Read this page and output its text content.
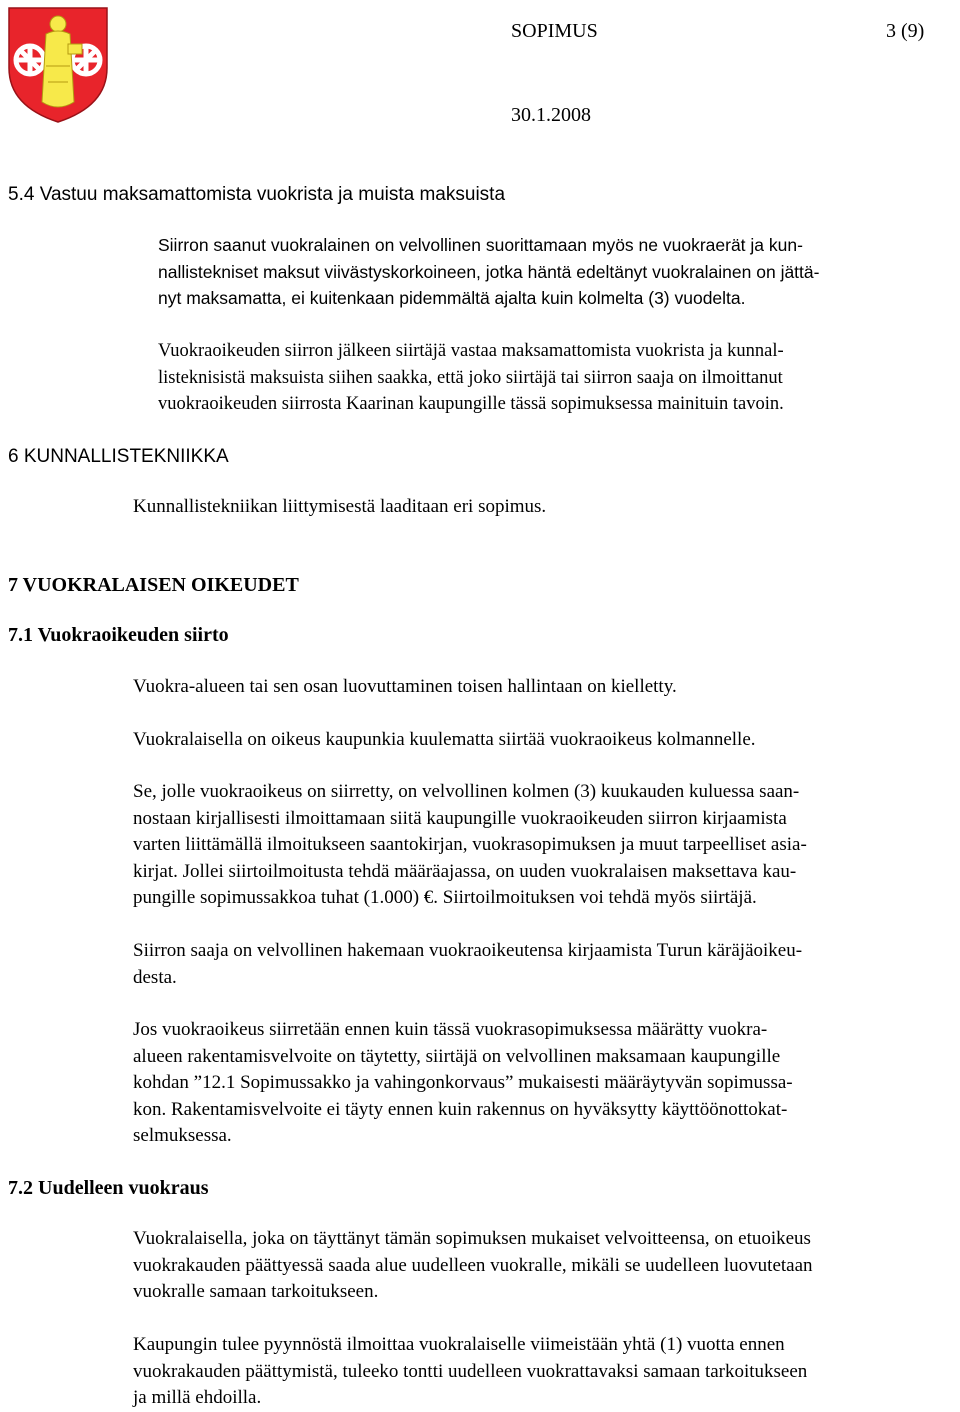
SOPIMUS	3 (9)
30.1.2008
5.4 Vastuu maksamattomista vuokrista ja muista maksuista
Siirron saanut vuokralainen on velvollinen suorittamaan myös ne vuokraerät ja kun-
nallistekniset maksut viivästyskorkoineen, jotka häntä edeltänyt vuokralainen on jättä-
nyt maksamatta, ei kuitenkaan pidemmältä ajalta kuin kolmelta (3) vuodelta.
Vuokraoikeuden siirron jälkeen siirtäjä vastaa maksamattomista vuokrista ja kunnal-
listeknisistä maksuista siihen saakka, että joko siirtäjä tai siirron saaja on ilmoittanut
vuokraoikeuden siirrosta Kaarinan kaupungille tässä sopimuksessa mainituin tavoin.
6 KUNNALLISTEKNIIKKA
Kunnallistekniikan liittymisestä laaditaan eri sopimus.
7 VUOKRALAISEN OIKEUDET
7.1 Vuokraoikeuden siirto
Vuokra-alueen tai sen osan luovuttaminen toisen hallintaan on kielletty.
Vuokralaisella on oikeus kaupunkia kuulematta siirtää vuokraoikeus kolmannelle.
Se, jolle vuokraoikeus on siirretty, on velvollinen kolmen (3) kuukauden kuluessa saan-
nostaan kirjallisesti ilmoittamaan siitä kaupungille vuokraoikeuden siirron kirjaamista
varten liittämällä ilmoitukseen saantokirjan, vuokrasopimuksen ja muut tarpeelliset asia-
kirjat. Jollei siirtoilmoitusta tehdä määräajassa, on uuden vuokralaisen maksettava kau-
pungille sopimussakkoa tuhat (1.000) €. Siirtoilmoituksen voi tehdä myös siirtäjä.
Siirron saaja on velvollinen hakemaan vuokraoikeutensa kirjaamista Turun käräjäoikeu-
desta.
Jos vuokraoikeus siirretään ennen kuin tässä vuokrasopimuksessa määrätty vuokra-
alueen rakentamisvelvoite on täytetty, siirtäjä on velvollinen maksamaan kaupungille
kohdan ”12.1 Sopimussakko ja vahingonkorvaus” mukaisesti määräytyvän sopimussa-
kon. Rakentamisvelvoite ei täyty ennen kuin rakennus on hyväksytty käyttöönottokat-
selmuksessa.
7.2 Uudelleen vuokraus
Vuokralaisella, joka on täyttänyt tämän sopimuksen mukaiset velvoitteensa, on etuoikeus
vuokrakauden päättyessä saada alue uudelleen vuokralle, mikäli se uudelleen luovutetaan
vuokralle samaan tarkoitukseen.
Kaupungin tulee pyynnöstä ilmoittaa vuokralaiselle viimeistään yhtä (1) vuotta ennen
vuokrakauden päättymistä, tuleeko tontti uudelleen vuokrattavaksi samaan tarkoitukseen
ja millä ehdoilla.
